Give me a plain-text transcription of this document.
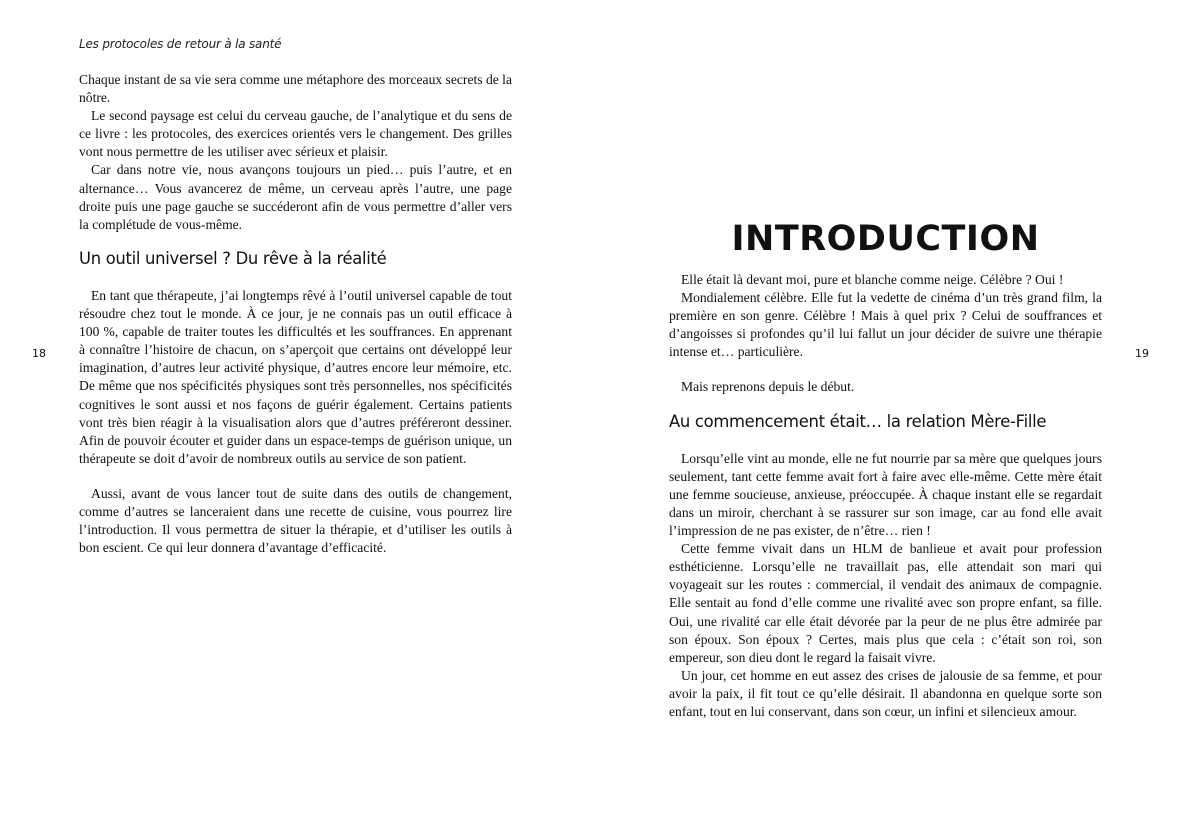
Les protocoles de retour à la santé
18

Chaque instant de sa vie sera comme une métaphore des morceaux secrets de la nôtre.

Le second paysage est celui du cerveau gauche, de l’analytique et du sens de ce livre : les protocoles, des exercices orientés vers le changement. Des grilles vont nous permettre de les utiliser avec sérieux et plaisir.

Car dans notre vie, nous avançons toujours un pied… puis l’autre, et en alternance… Vous avancerez de même, un cerveau après l’autre, une page droite puis une page gauche se succéderont afin de vous permettre d’aller vers la complétude de vous-même.

Un outil universel ? Du rêve à la réalité

En tant que thérapeute, j’ai longtemps rêvé à l’outil universel capable de tout résoudre chez tout le monde. À ce jour, je ne connais pas un outil efficace à 100 %, capable de traiter toutes les difficultés et les souffrances. En apprenant à connaître l’histoire de chacun, on s’aperçoit que certains ont développé leur imagination, d’autres leur activité physique, d’autres encore leur mémoire, etc. De même que nos spécificités physiques sont très personnelles, nos spécificités cognitives le sont aussi et nos façons de guérir également. Certains patients vont très bien réagir à la visualisation alors que d’autres préféreront dessiner. Afin de pouvoir écouter et guider dans un espace-temps de guérison unique, un thérapeute se doit d’avoir de nombreux outils au service de son patient.

Aussi, avant de vous lancer tout de suite dans des outils de changement, comme d’autres se lanceraient dans une recette de cuisine, vous pourrez lire l’introduction. Il vous permettra de situer la thérapie, et d’utiliser les outils à bon escient. Ce qui leur donnera d’avantage d’efficacité.

19
INTRODUCTION

Elle était là devant moi, pure et blanche comme neige. Célèbre ? Oui !

Mondialement célèbre. Elle fut la vedette de cinéma d’un très grand film, la première en son genre. Célèbre ! Mais à quel prix ? Celui de souffrances et d’angoisses si profondes qu’il lui fallut un jour décider de suivre une thérapie intense et… particulière.

Mais reprenons depuis le début.

Au commencement était… la relation Mère-Fille

Lorsqu’elle vint au monde, elle ne fut nourrie par sa mère que quelques jours seulement, tant cette femme avait fort à faire avec elle-même. Cette mère était une femme soucieuse, anxieuse, préoccupée. À chaque instant elle se regardait dans un miroir, cherchant à se rassurer sur son image, car au fond elle avait l’impression de ne pas exister, de n’être… rien !

Cette femme vivait dans un HLM de banlieue et avait pour profession esthéticienne. Lorsqu’elle ne travaillait pas, elle attendait son mari qui voyageait sur les routes : commercial, il vendait des animaux de compagnie. Elle sentait au fond d’elle comme une rivalité avec son propre enfant, sa fille. Oui, une rivalité car elle était dévorée par la peur de ne plus être admirée par son époux. Son époux ? Certes, mais plus que cela : c’était son roi, son empereur, son dieu dont le regard la faisait vivre.

Un jour, cet homme en eut assez des crises de jalousie de sa femme, et pour avoir la paix, il fit tout ce qu’elle désirait. Il abandonna en quelque sorte son enfant, tout en lui conservant, dans son cœur, un infini et silencieux amour.
